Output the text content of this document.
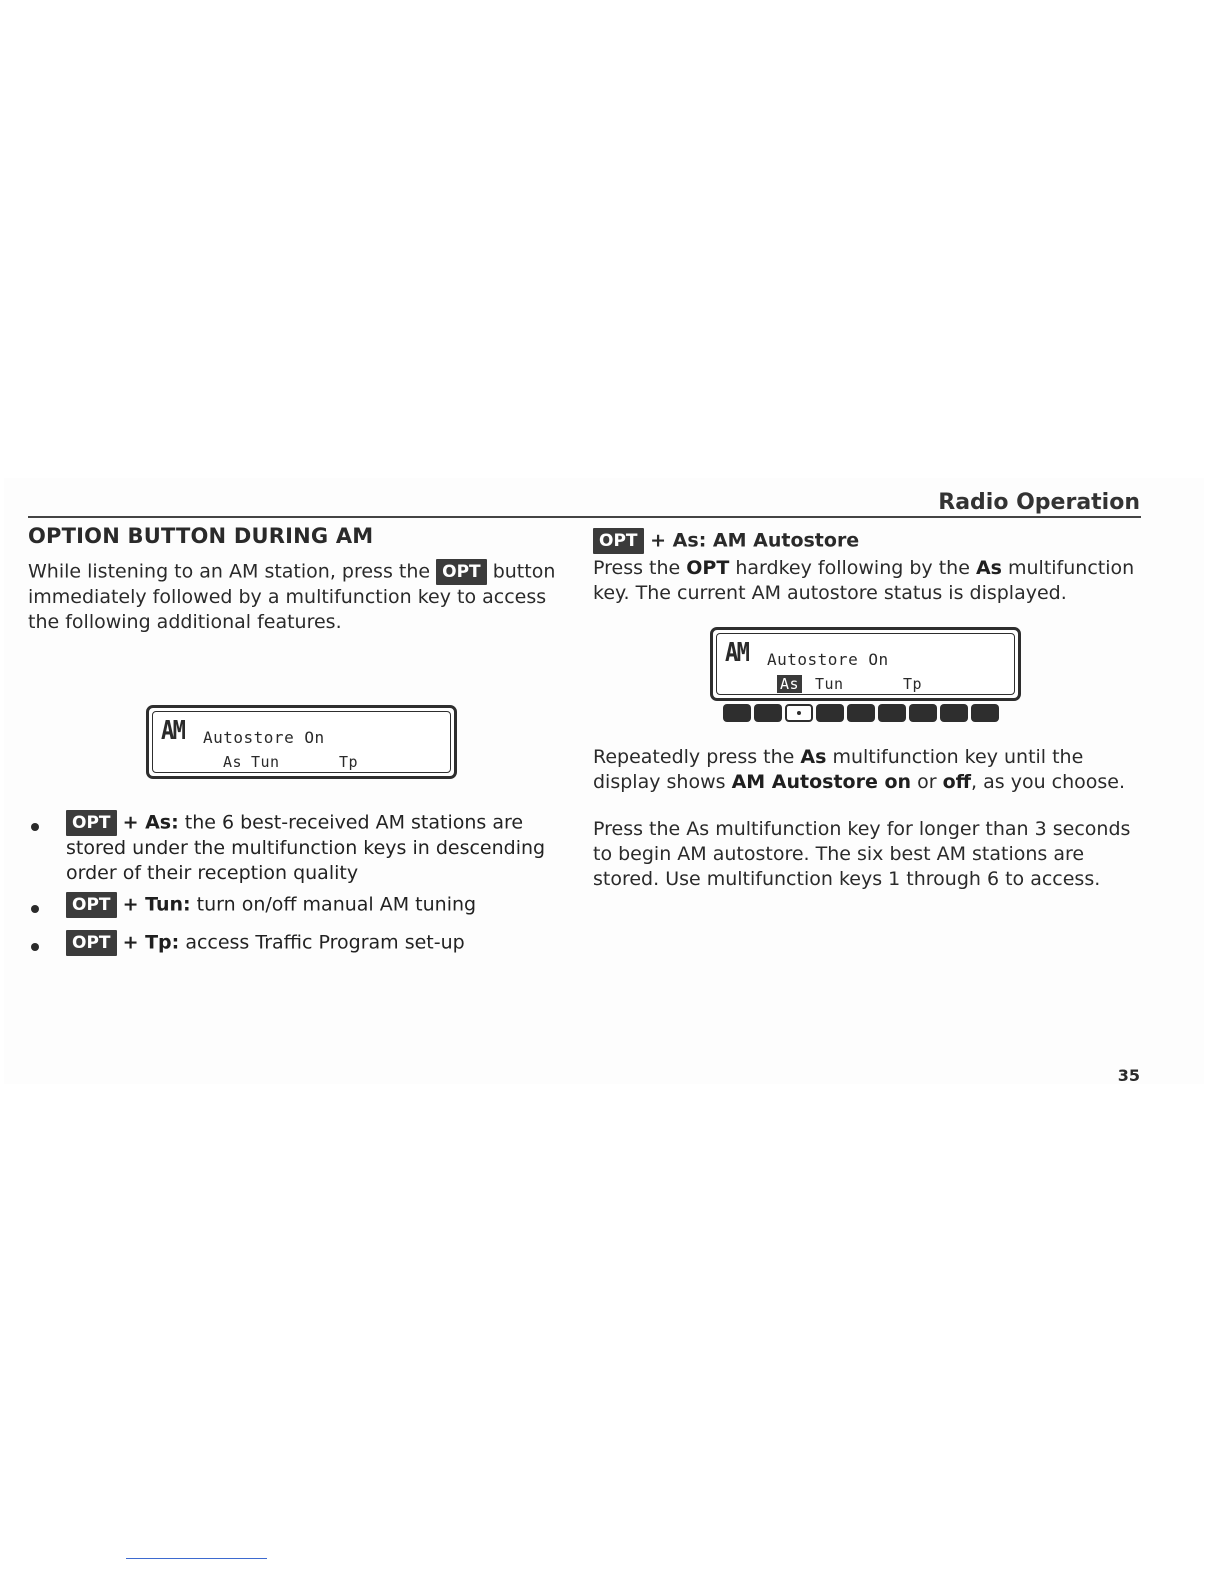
Radio Operation
OPTION BUTTON DURING AM

While listening to an AM station, press the OPT button immediately followed by a multifunction key to access the following additional features.

AM Autostore On
As Tun	Tp
OPT + As: the 6 best-received AM stations are stored under the multifunction keys in descending order of their reception quality
OPT + Tun: turn on/off manual AM tuning
OPT + Tp: access Traffic Program set-up
OPT + As: AM Autostore

Press the OPT hardkey following by the As multifunction key. The current AM autostore status is displayed.

AM Autostore On
As Tun	Tp

Repeatedly press the As multifunction key until the display shows AM Autostore on or off, as you choose.

Press the As multifunction key for longer than 3 seconds to begin AM autostore. The six best AM stations are stored. Use multifunction keys 1 through 6 to access.

35
